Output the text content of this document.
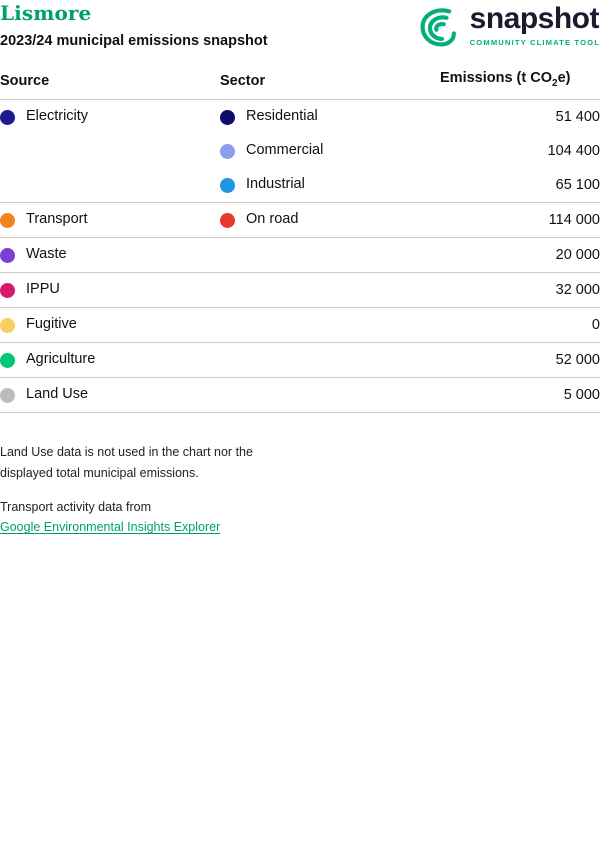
Lismore
2023/24 municipal emissions snapshot
snapshot
COMMUNITY CLIMATE TOOL
Source	Sector	Emissions (t $CO_2e$)

Electricity	Residential	51 400

	Commercial	104 400

	Industrial	65 100

Transport	On road	114 000

Waste		20 000

IPPU		32 000

Fugitive		0

Agriculture		52 000

Land Use		5 000

Land Use data is not used in the chart nor the
displayed total municipal emissions.
Transport activity data from
Google Environmental Insights Explorer
